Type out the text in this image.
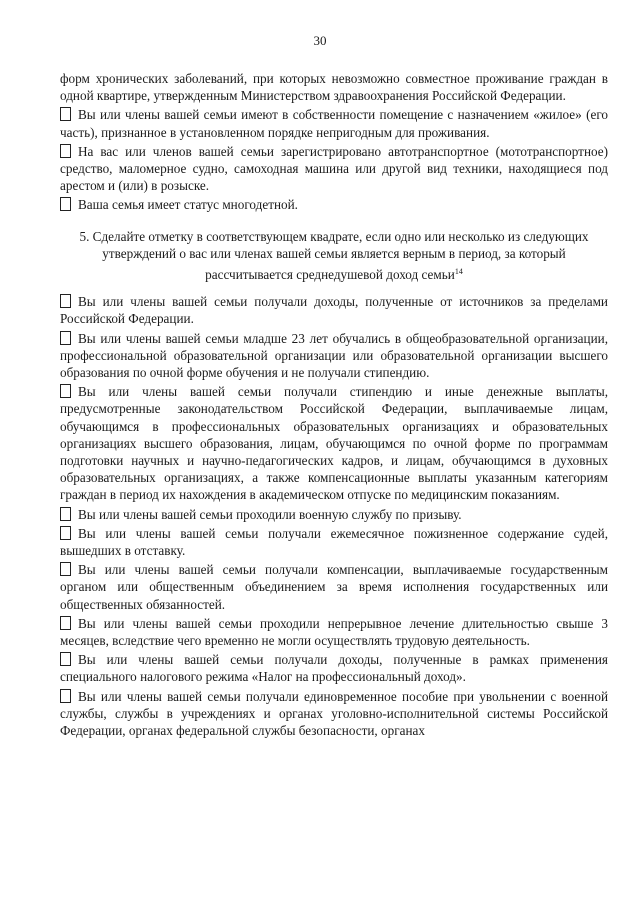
30

форм хронических заболеваний, при которых невозможно совместное проживание граждан в одной квартире, утвержденным Министерством здравоохранения Российской Федерации.

Вы или члены вашей семьи имеют в собственности помещение с назначением «жилое» (его часть), признанное в установленном порядке непригодным для проживания.

На вас или членов вашей семьи зарегистрировано автотранспортное (мототранспортное) средство, маломерное судно, самоходная машина или другой вид техники, находящиеся под арестом и (или) в розыске.

Ваша семья имеет статус многодетной.

5. Сделайте отметку в соответствующем квадрате, если одно или несколько из следующих утверждений о вас или членах вашей семьи является верным в период, за который рассчитывается среднедушевой доход семьи$^{14}$

Вы или члены вашей семьи получали доходы, полученные от источников за пределами Российской Федерации.

Вы или члены вашей семьи младше 23 лет обучались в общеобразовательной организации, профессиональной образовательной организации или образовательной организации высшего образования по очной форме обучения и не получали стипендию.

Вы или члены вашей семьи получали стипендию и иные денежные выплаты, предусмотренные законодательством Российской Федерации, выплачиваемые лицам, обучающимся в профессиональных образовательных организациях и образовательных организациях высшего образования, лицам, обучающимся по очной форме по программам подготовки научных и научно-педагогических кадров, и лицам, обучающимся в духовных образовательных организациях, а также компенсационные выплаты указанным категориям граждан в период их нахождения в академическом отпуске по медицинским показаниям.

Вы или члены вашей семьи проходили военную службу по призыву.

Вы или члены вашей семьи получали ежемесячное пожизненное содержание судей, вышедших в отставку.

Вы или члены вашей семьи получали компенсации, выплачиваемые государственным органом или общественным объединением за время исполнения государственных или общественных обязанностей.

Вы или члены вашей семьи проходили непрерывное лечение длительностью свыше 3 месяцев, вследствие чего временно не могли осуществлять трудовую деятельность.

Вы или члены вашей семьи получали доходы, полученные в рамках применения специального налогового режима «Налог на профессиональный доход».

Вы или члены вашей семьи получали единовременное пособие при увольнении с военной службы, службы в учреждениях и органах уголовно-исполнительной системы Российской Федерации, органах федеральной службы безопасности, органах
